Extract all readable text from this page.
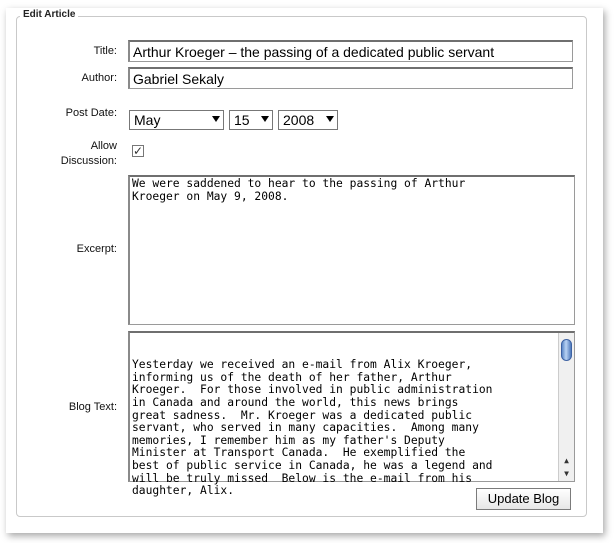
Edit Article
Title:	Arthur Kroeger – the passing of a dedicated public servant
Author:	Gabriel Sekaly
Post Date:	May	15	2008
Allow
Discussion:
✓
Excerpt:
We were saddened to hear to the passing of Arthur
Kroeger on May 9, 2008.
Blog Text:

Yesterday we received an e-mail from Alix Kroeger,
informing us of the death of her father, Arthur
Kroeger.  For those involved in public administration
in Canada and around the world, this news brings
great sadness.  Mr. Kroeger was a dedicated public
servant, who served in many capacities.  Among many
memories, I remember him as my father's Deputy
Minister at Transport Canada.  He exemplified the
best of public service in Canada, he was a legend and
will be truly missed  Below is the e-mail from his
daughter, Alix.

▲

▼

Update Blog
